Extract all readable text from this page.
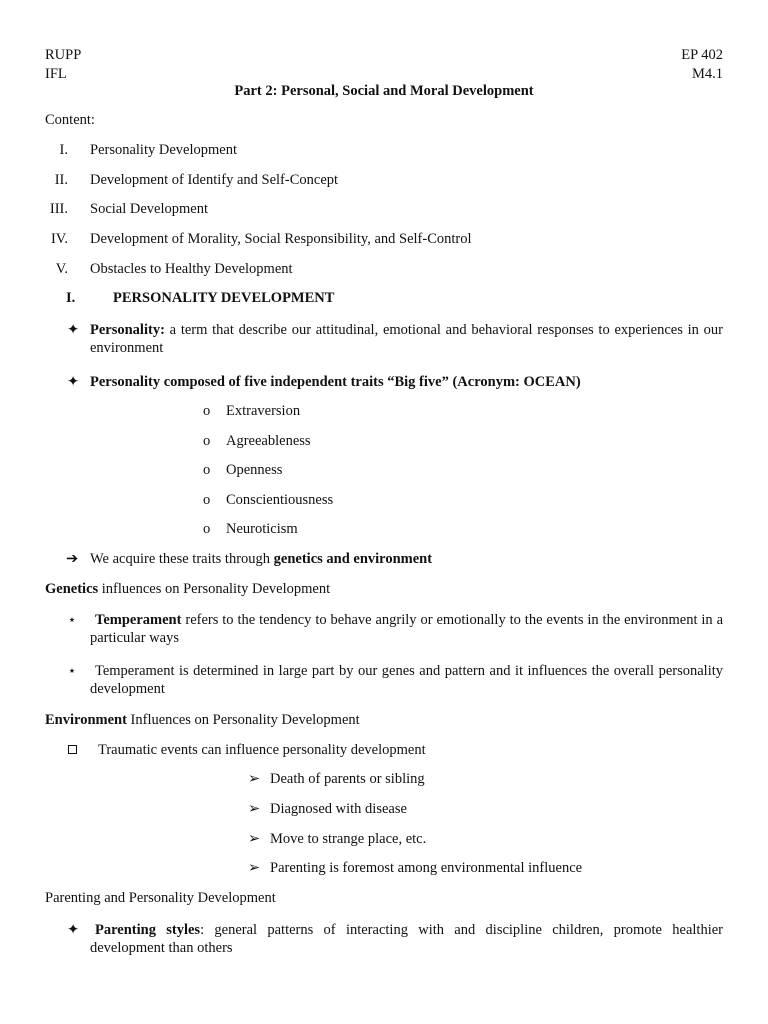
RUPP
IFL
EP 402
M4.1
Part 2: Personal, Social and Moral Development
Content:
I. Personality Development
II. Development of Identify and Self-Concept
III. Social Development
IV. Development of Morality, Social Responsibility, and Self-Control
V. Obstacles to Healthy Development
I.	PERSONALITY DEVELOPMENT
✦ Personality: a term that describe our attitudinal, emotional and behavioral responses to experiences in our environment
✦ Personality composed of five independent traits “Big five” (Acronym: OCEAN)
o Extraversion
o Agreeableness
o Openness
o Conscientiousness
o Neuroticism
➔ We acquire these traits through genetics and environment
Genetics influences on Personality Development
⭑	Temperament refers to the tendency to behave angrily or emotionally to the events in the environment in a particular ways
⭑	Temperament is determined in large part by our genes and pattern and it influences the overall personality development
Environment Influences on Personality Development
Traumatic events can influence personality development
➢ Death of parents or sibling
➢ Diagnosed with disease
➢ Move to strange place, etc.
➢ Parenting is foremost among environmental influence
Parenting and Personality Development
✦	Parenting styles: general patterns of interacting with and discipline children, promote healthier development than others
